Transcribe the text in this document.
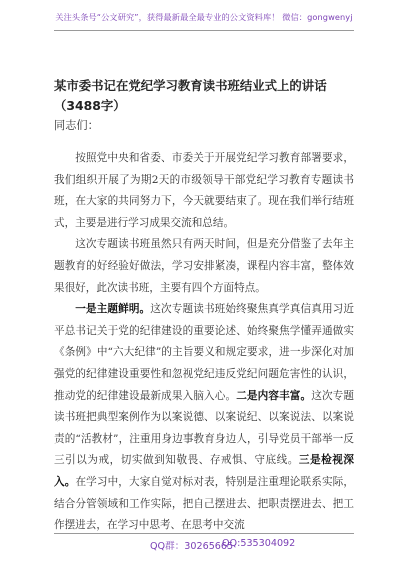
关注头条号“公文研究”，获得最新最全最专业的公文资料库！ 微信：gongwenyj
某市委书记在党纪学习教育读书班结业式上的讲话（3488字）
同志们：

按照党中央和省委、市委关于开展党纪学习教育部署要求，我们组织开展了为期2天的市级领导干部党纪学习教育专题读书班，在大家的共同努力下，今天就要结束了。现在我们举行结班式，主要是进行学习成果交流和总结。

这次专题读书班虽然只有两天时间，但是充分借鉴了去年主题教育的好经验好做法，学习安排紧凑，课程内容丰富，整体效果很好，此次读书班，主要有四个方面特点。

一是主题鲜明。这次专题读书班始终聚焦真学真信真用习近平总书记关于党的纪律建设的重要论述、始终聚焦学懂弄通做实《条例》中“六大纪律”的主旨要义和规定要求，进一步深化对加强党的纪律建设重要性和忽视党纪违反党纪问题危害性的认识，推动党的纪律建设最新成果入脑入心。二是内容丰富。这次专题读书班把典型案例作为以案说德、以案说纪、以案说法、以案说责的“活教材”，注重用身边事教育身边人，引导党员干部举一反三引以为戒，切实做到知敬畏、存戒惧、守底线。三是检视深入。在学习中，大家自觉对标对表，特别是注重理论联系实际，结合分管领域和工作实际，把自己摆进去、把职责摆进去、把工作摆进去，在学习中思考、在思考中交流

QQ群：30265665
QQ:535304092
